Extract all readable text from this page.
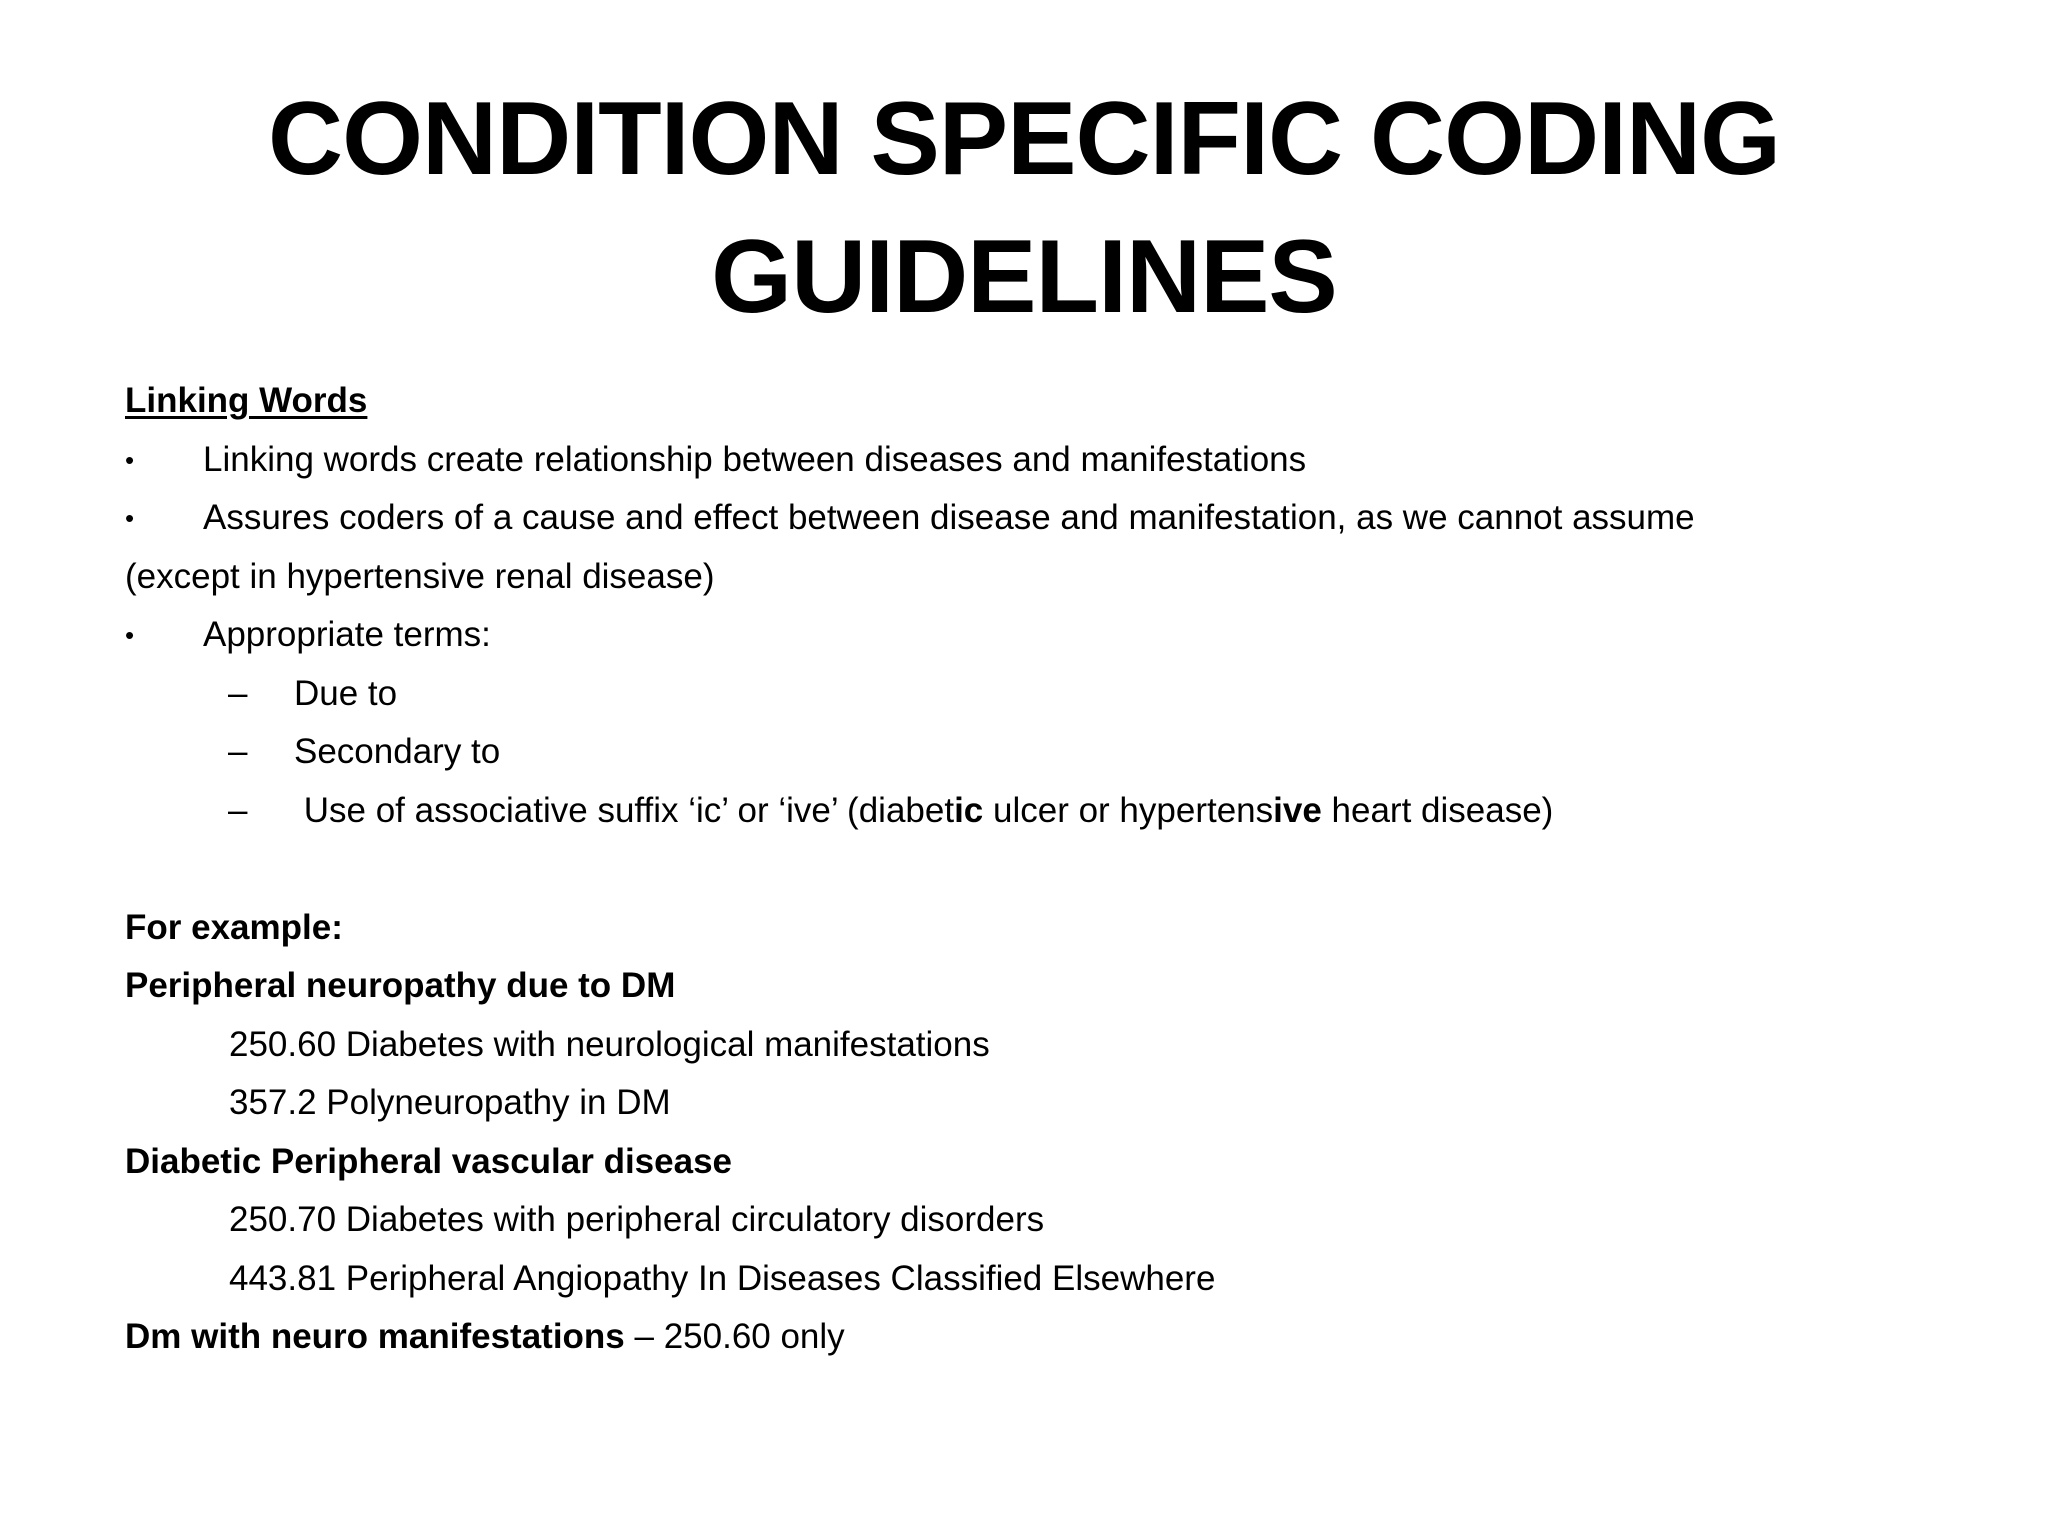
CONDITION SPECIFIC CODING
GUIDELINES
Linking Words
• Linking words create relationship between diseases and manifestations
• Assures coders of a cause and effect between disease and manifestation, as we cannot assume
(except in hypertensive renal disease)
• Appropriate terms:
– Due to
– Secondary to
– Use of associative suffix ‘ic’ or ‘ive’ (diabetic ulcer or hypertensive heart disease)
For example:
Peripheral neuropathy due to DM
250.60 Diabetes with neurological manifestations
357.2 Polyneuropathy in DM
Diabetic Peripheral vascular disease
250.70 Diabetes with peripheral circulatory disorders
443.81 Peripheral Angiopathy In Diseases Classified Elsewhere
Dm with neuro manifestations – 250.60 only
